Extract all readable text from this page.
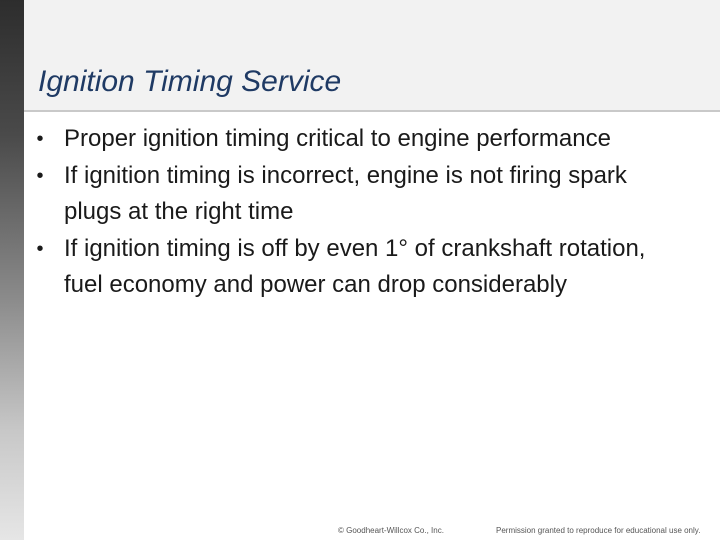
Ignition Timing Service
• Proper ignition timing critical to engine performance
• If ignition timing is incorrect, engine is not firing spark plugs at the right time
• If ignition timing is off by even 1° of crankshaft rotation, fuel economy and power can drop considerably
© Goodheart-Willcox Co., Inc.	Permission granted to reproduce for educational use only.
